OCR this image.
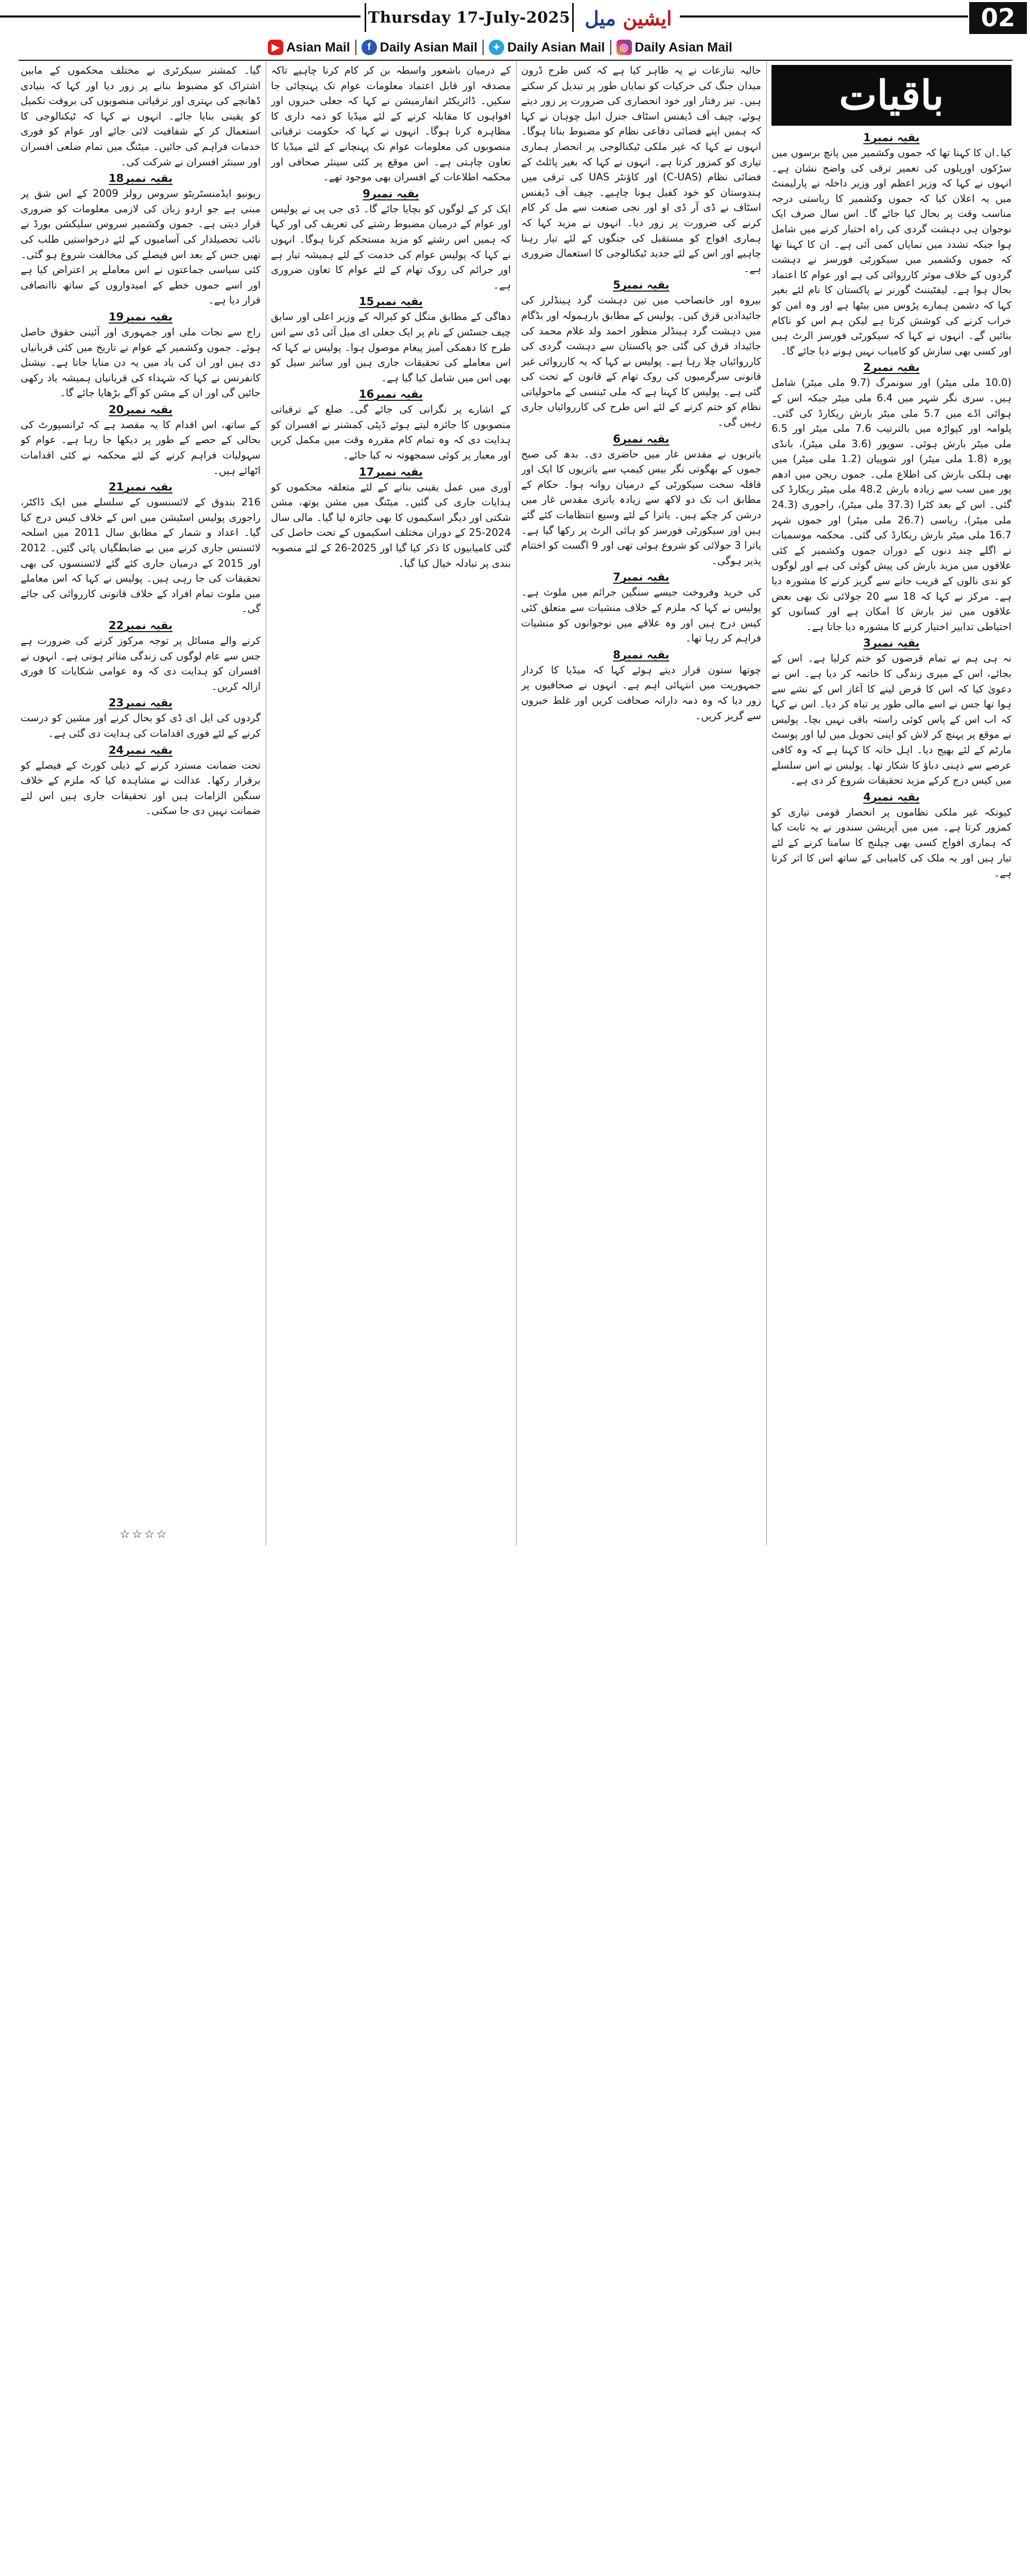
Thursday 17-July-2025	ایشین

میل	02
▶ Asian Mail	f Daily Asian Mail	✦ Daily Asian Mail	◎ Daily Asian Mail
باقیات
بقیہ نمبر1

کیا۔ان کا کہنا تھا کہ جموں وکشمیر میں پانچ برسوں میں سڑکوں اورپلوں کی تعمیر ترقی کی واضح نشان ہے۔ انہوں نے کہا کہ وزیر اعظم اور وزیر داخلہ نے پارلیمنٹ میں یہ اعلان کیا کہ جموں وکشمیر کا ریاستی درجہ مناسب وقت پر بحال کیا جائے گا۔ اس سال صرف ایک نوجوان ہی دہشت گردی کی راہ اختیار کرنے میں شامل ہوا جبکہ تشدد میں نمایاں کمی آئی ہے۔ ان کا کہنا تھا کہ جموں وکشمیر میں سیکورٹی فورسز نے دہشت گردوں کے خلاف موثر کارروائی کی ہے اور عوام کا اعتماد بحال ہوا ہے۔ لیفٹیننٹ گورنر نے پاکستان کا نام لئے بغیر کہا کہ دشمن ہمارے پڑوس میں بیٹھا ہے اور وہ امن کو خراب کرنے کی کوشش کرتا ہے لیکن ہم اس کو ناکام بنائیں گے۔ انہوں نے کہا کہ سیکورٹی فورسز الرٹ ہیں اور کسی بھی سازش کو کامیاب نہیں ہونے دیا جائے گا۔

بقیہ نمبر2

(10.0 ملی میٹر) اور سونمرگ (9.7 ملی میٹر) شامل ہیں۔ سری نگر شہر میں 6.4 ملی میٹر جبکہ اس کے ہوائی اڈے میں 5.7 ملی میٹر بارش ریکارڈ کی گئی۔ پلوامہ اور کپواڑہ میں بالترتیب 7.6 ملی میٹر اور 6.5 ملی میٹر بارش ہوئی۔ سوپور (3.6 ملی میٹر)، بانڈی پورہ (1.8 ملی میٹر) اور شوپیان (1.2 ملی میٹر) میں بھی ہلکی بارش کی اطلاع ملی۔ جموں ریجن میں ادھم پور میں سب سے زیادہ بارش 48.2 ملی میٹر ریکارڈ کی گئی۔ اس کے بعد کٹرا (37.3 ملی میٹر)، راجوری (24.3 ملی میٹر)، ریاسی (26.7 ملی میٹر) اور جموں شہر 16.7 ملی میٹر بارش ریکارڈ کی گئی۔ محکمہ موسمیات نے اگلے چند دنوں کے دوران جموں وکشمیر کے کئی علاقوں میں مزید بارش کی پیش گوئی کی ہے اور لوگوں کو ندی نالوں کے قریب جانے سے گریز کرنے کا مشورہ دیا ہے۔ مرکز نے کہا کہ 18 سے 20 جولائی تک بھی بعض علاقوں میں تیز بارش کا امکان ہے اور کسانوں کو احتیاطی تدابیر اختیار کرنے کا مشورہ دیا جاتا ہے۔

بقیہ نمبر3

نہ ہی ہم نے تمام قرضوں کو ختم کرلیا ہے۔ اس کے بجائے، اس کے میری زندگی کا خاتمہ کر دیا ہے۔ اس نے دعویٰ کیا کہ اس کا قرض لینے کا آغاز اس کے نشے سے ہوا تھا جس نے اسے مالی طور پر تباہ کر دیا۔ اس نے کہا کہ اب اس کے پاس کوئی راستہ باقی نہیں بچا۔ پولیس نے موقع پر پہنچ کر لاش کو اپنی تحویل میں لیا اور پوسٹ مارٹم کے لئے بھیج دیا۔ اہل خانہ کا کہنا ہے کہ وہ کافی عرصے سے ذہنی دباؤ کا شکار تھا۔ پولیس نے اس سلسلے میں کیس درج کرکے مزید تحقیقات شروع کر دی ہے۔

بقیہ نمبر4

کیونکہ غیر ملکی نظاموں پر انحصار قومی تیاری کو کمزور کرتا ہے۔ میں میں آپریشن سندور نے یہ ثابت کیا کہ ہماری افواج کسی بھی چیلنج کا سامنا کرنے کے لئے تیار ہیں اور یہ ملک کی کامیابی کے ساتھ اس کا اثر کرتا ہے۔

حالیہ تنازعات نے یہ ظاہر کیا ہے کہ کس طرح ڈرون میدان جنگ کی حرکیات کو نمایاں طور پر تبدیل کر سکتے ہیں۔ تیز رفتار اور خود انحصاری کی ضرورت پر زور دیتے ہوئے، چیف آف ڈیفنس اسٹاف جنرل انیل چوہان نے کہا کہ ہمیں اپنے فضائی دفاعی نظام کو مضبوط بنانا ہوگا۔ انہوں نے کہا کہ غیر ملکی ٹیکنالوجی پر انحصار ہماری تیاری کو کمزور کرتا ہے۔ انہوں نے کہا کہ بغیر پائلٹ کے فضائی نظام (C-UAS) اور کاؤنٹر UAS کی ترقی میں ہندوستان کو خود کفیل ہونا چاہیے۔ چیف آف ڈیفنس اسٹاف نے ڈی آر ڈی او اور نجی صنعت سے مل کر کام کرنے کی ضرورت پر زور دیا۔ انہوں نے مزید کہا کہ ہماری افواج کو مستقبل کی جنگوں کے لئے تیار رہنا چاہیے اور اس کے لئے جدید ٹیکنالوجی کا استعمال ضروری ہے۔

بقیہ نمبر5

بیروہ اور خانصاحب میں تین دہشت گرد ہینڈلرز کی جائیدادیں قرق کیں۔ پولیس کے مطابق بارہمولہ اور بڈگام میں دہشت گرد ہینڈلر منظور احمد ولد غلام محمد کی جائیداد قرق کی گئی جو پاکستان سے دہشت گردی کی کارروائیاں چلا رہا ہے۔ پولیس نے کہا کہ یہ کارروائی غیر قانونی سرگرمیوں کی روک تھام کے قانون کے تحت کی گئی ہے۔ پولیس کا کہنا ہے کہ ملی ٹینسی کے ماحولیاتی نظام کو ختم کرنے کے لئے اس طرح کی کارروائیاں جاری رہیں گی۔

بقیہ نمبر6

یاتریوں نے مقدس غار میں حاضری دی۔ بدھ کی صبح جموں کے بھگوتی نگر بیس کیمپ سے یاتریوں کا ایک اور قافلہ سخت سیکورٹی کے درمیان روانہ ہوا۔ حکام کے مطابق اب تک دو لاکھ سے زیادہ یاتری مقدس غار میں درشن کر چکے ہیں۔ یاترا کے لئے وسیع انتظامات کئے گئے ہیں اور سیکورٹی فورسز کو ہائی الرٹ پر رکھا گیا ہے۔ یاترا 3 جولائی کو شروع ہوئی تھی اور 9 اگست کو اختتام پذیر ہوگی۔

بقیہ نمبر7

کی خرید وفروخت جیسے سنگین جرائم میں ملوث ہے۔ پولیس نے کہا کہ ملزم کے خلاف منشیات سے متعلق کئی کیس درج ہیں اور وہ علاقے میں نوجوانوں کو منشیات فراہم کر رہا تھا۔

بقیہ نمبر8

چوتھا ستون قرار دیتے ہوئے کہا کہ میڈیا کا کردار جمہوریت میں انتہائی اہم ہے۔ انہوں نے صحافیوں پر زور دیا کہ وہ ذمہ دارانہ صحافت کریں اور غلط خبروں سے گریز کریں۔

کے درمیان باشعور واسطہ بن کر کام کرنا چاہیے تاکہ مصدقہ اور قابل اعتماد معلومات عوام تک پہنچائی جا سکیں۔ ڈائریکٹر انفارمیشن نے کہا کہ جعلی خبروں اور افواہوں کا مقابلہ کرنے کے لئے میڈیا کو ذمہ داری کا مظاہرہ کرنا ہوگا۔ انہوں نے کہا کہ حکومت ترقیاتی منصوبوں کی معلومات عوام تک پہنچانے کے لئے میڈیا کا تعاون چاہتی ہے۔ اس موقع پر کئی سینئر صحافی اور محکمہ اطلاعات کے افسران بھی موجود تھے۔

بقیہ نمبر9

ایک کر کے لوگوں کو بچایا جائے گا۔ ڈی جی پی نے پولیس اور عوام کے درمیان مضبوط رشتے کی تعریف کی اور کہا کہ ہمیں اس رشتے کو مزید مستحکم کرنا ہوگا۔ انہوں نے کہا کہ پولیس عوام کی خدمت کے لئے ہمیشہ تیار ہے اور جرائم کی روک تھام کے لئے عوام کا تعاون ضروری ہے۔

بقیہ نمبر15

دھاگی کے مطابق منگل کو کیرالہ کے وزیر اعلی اور سابق چیف جسٹس کے نام پر ایک جعلی ای میل آئی ڈی سے اس طرح کا دھمکی آمیز پیغام موصول ہوا۔ پولیس نے کہا کہ اس معاملے کی تحقیقات جاری ہیں اور سائبر سیل کو بھی اس میں شامل کیا گیا ہے۔

بقیہ نمبر16

کے اشارے پر نگرانی کی جائے گی۔ ضلع کے ترقیاتی منصوبوں کا جائزہ لیتے ہوئے ڈپٹی کمشنر نے افسران کو ہدایت دی کہ وہ تمام کام مقررہ وقت میں مکمل کریں اور معیار پر کوئی سمجھوتہ نہ کیا جائے۔

بقیہ نمبر17

آوری میں عمل یقینی بنانے کے لئے متعلقہ محکموں کو ہدایات جاری کی گئیں۔ میٹنگ میں مشن یوتھ، مشن شکتی اور دیگر اسکیموں کا بھی جائزہ لیا گیا۔ مالی سال 2024-25 کے دوران مختلف اسکیموں کے تحت حاصل کی گئی کامیابیوں کا ذکر کیا گیا اور 2025-26 کے لئے منصوبہ بندی پر تبادلہ خیال کیا گیا۔

گیا۔ کمشنر سیکرٹری نے مختلف محکموں کے مابین اشتراک کو مضبوط بنانے پر زور دیا اور کہا کہ بنیادی ڈھانچے کی بہتری اور ترقیاتی منصوبوں کی بروقت تکمیل کو یقینی بنایا جائے۔ انہوں نے کہا کہ ٹیکنالوجی کا استعمال کر کے شفافیت لائی جائے اور عوام کو فوری خدمات فراہم کی جائیں۔ میٹنگ میں تمام ضلعی افسران اور سینئر افسران نے شرکت کی۔

بقیہ نمبر18

ریونیو ایڈمنسٹریٹو سروس رولز 2009 کے اس شق پر مبنی ہے جو اردو زبان کی لازمی معلومات کو ضروری قرار دیتی ہے۔ جموں وکشمیر سروس سلیکشن بورڈ نے نائب تحصیلدار کی آسامیوں کے لئے درخواستیں طلب کی تھیں جس کے بعد اس فیصلے کی مخالفت شروع ہو گئی۔ کئی سیاسی جماعتوں نے اس معاملے پر اعتراض کیا ہے اور اسے جموں خطے کے امیدواروں کے ساتھ ناانصافی قرار دیا ہے۔

بقیہ نمبر19

راج سے نجات ملی اور جمہوری اور آئینی حقوق حاصل ہوئے۔ جموں وکشمیر کے عوام نے تاریخ میں کئی قربانیاں دی ہیں اور ان کی یاد میں یہ دن منایا جاتا ہے۔ نیشنل کانفرنس نے کہا کہ شہداء کی قربانیاں ہمیشہ یاد رکھی جائیں گی اور ان کے مشن کو آگے بڑھایا جائے گا۔

بقیہ نمبر20

کے ساتھ، اس اقدام کا یہ مقصد ہے کہ ٹرانسپورٹ کی بحالی کے حصے کے طور پر دیکھا جا رہا ہے۔ عوام کو سہولیات فراہم کرنے کے لئے محکمہ نے کئی اقدامات اٹھائے ہیں۔

بقیہ نمبر21

216 بندوق کے لائسنسوں کے سلسلے میں ایک ڈاکٹر، راجوری پولیس اسٹیشن میں اس کے خلاف کیس درج کیا گیا۔ اعداد و شمار کے مطابق سال 2011 میں اسلحہ لائسنس جاری کرنے میں بے ضابطگیاں پائی گئیں۔ 2012 اور 2015 کے درمیان جاری کئے گئے لائسنسوں کی بھی تحقیقات کی جا رہی ہیں۔ پولیس نے کہا کہ اس معاملے میں ملوث تمام افراد کے خلاف قانونی کارروائی کی جائے گی۔

بقیہ نمبر22

کرنے والے مسائل پر توجہ مرکوز کرنے کی ضرورت ہے جس سے عام لوگوں کی زندگی متاثر ہوتی ہے۔ انہوں نے افسران کو ہدایت دی کہ وہ عوامی شکایات کا فوری ازالہ کریں۔

بقیہ نمبر23

گردوں کی ایل ای ڈی کو بحال کرنے اور مشین کو درست کرنے کے لئے فوری اقدامات کی ہدایت دی گئی ہے۔

بقیہ نمبر24

تحت ضمانت مسترد کرنے کے ذیلی کورٹ کے فیصلے کو برقرار رکھا۔ عدالت نے مشاہدہ کیا کہ ملزم کے خلاف سنگین الزامات ہیں اور تحقیقات جاری ہیں اس لئے ضمانت نہیں دی جا سکتی۔

☆☆☆☆
